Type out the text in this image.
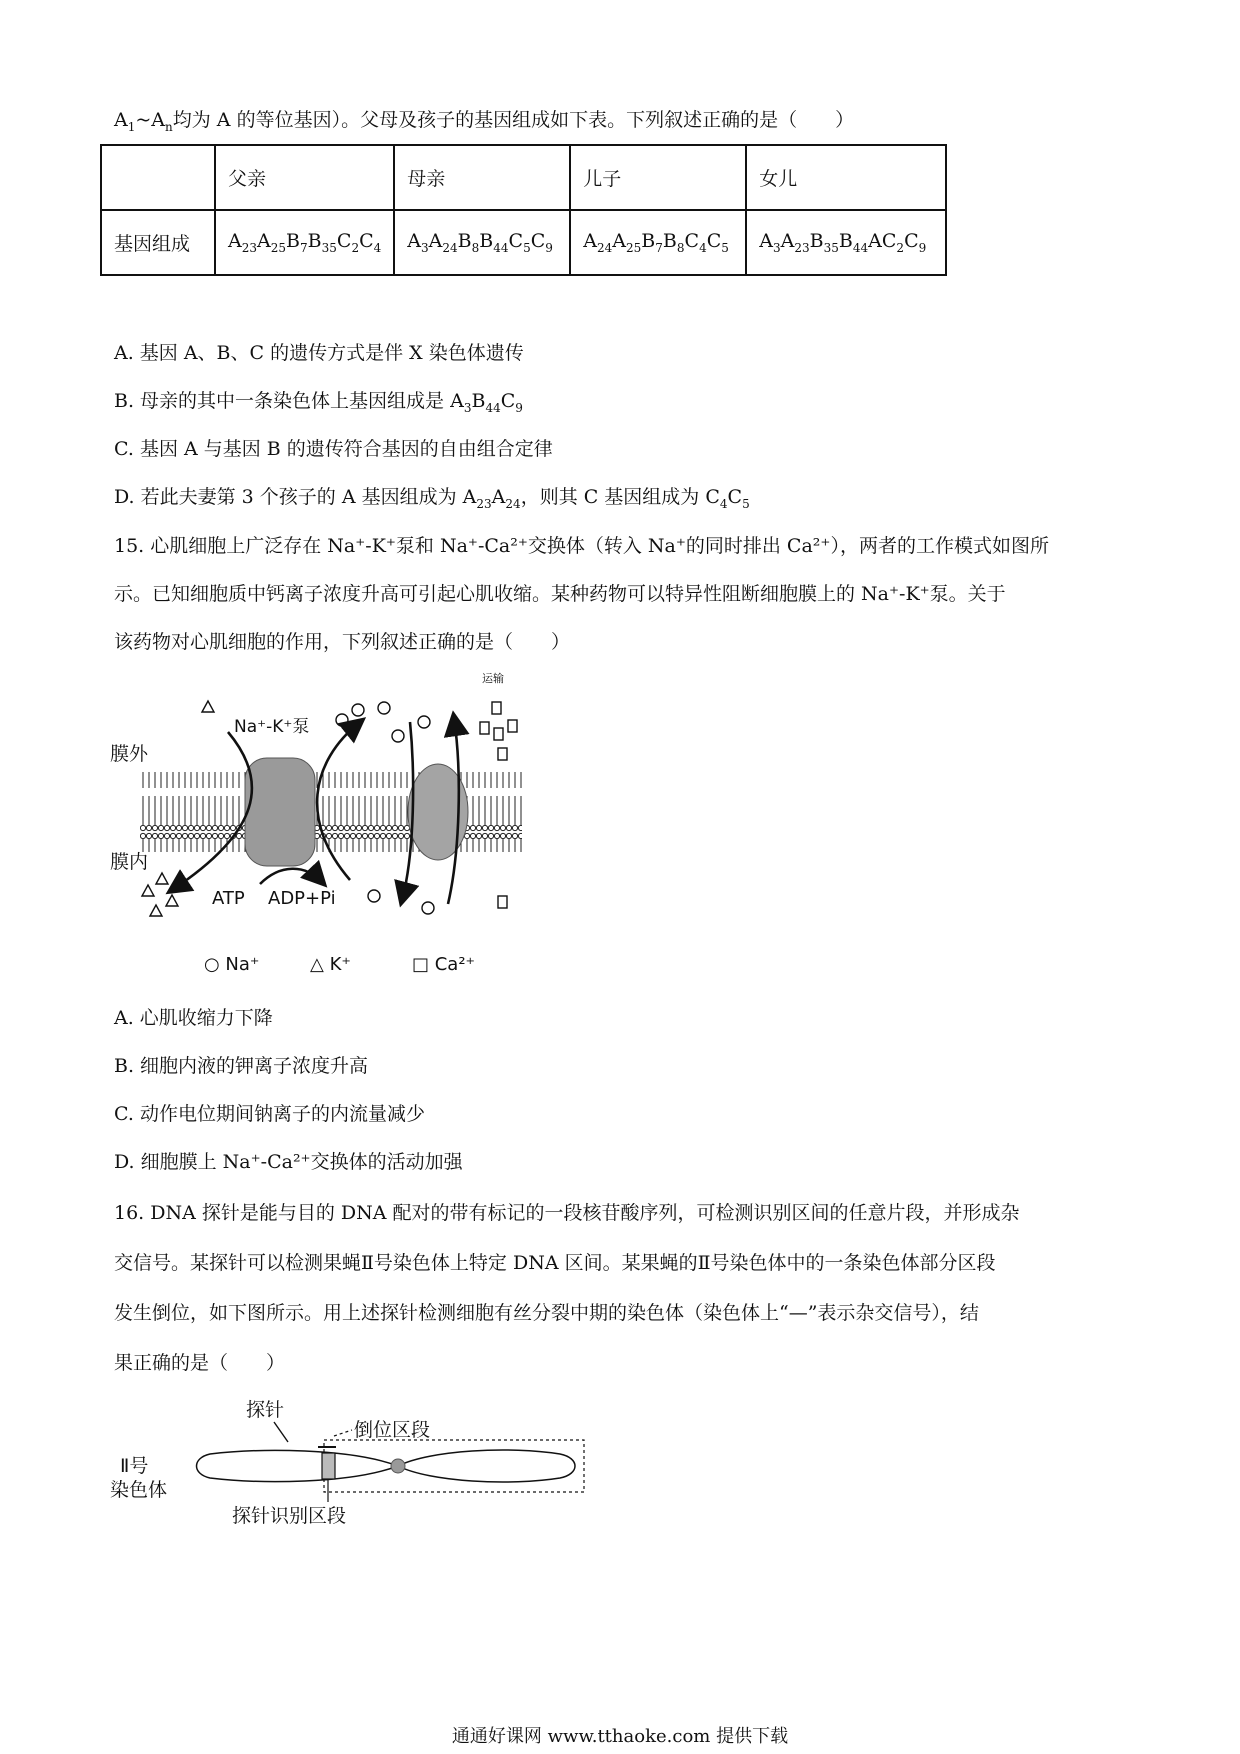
$A_1\sim A_n$均为 A 的等位基因）。父母及孩子的基因组成如下表。下列叙述正确的是（　　）
	父亲	母亲	儿子	女儿
基因组成	$A_{23}A_{25}B_7B_{35}C_2C_4$	$A_3A_{24}B_8B_{44}C_5C_9$	$A_{24}A_{25}B_7B_8C_4C_5$	$A_3A_{23}B_{35}B_{44}AC_2C_9$
A. 基因 A、B、C 的遗传方式是伴 X 染色体遗传
B. 母亲的其中一条染色体上基因组成是 $A_3B_{44}C_9$
C. 基因 A 与基因 B 的遗传符合基因的自由组合定律
D. 若此夫妻第 3 个孩子的 A 基因组成为 $A_{23}A_{24}$，则其 C 基因组成为 $C_4C_5$
15. 心肌细胞上广泛存在 Na⁺-K⁺泵和 Na⁺-Ca²⁺交换体（转入 Na⁺的同时排出 Ca²⁺），两者的工作模式如图所
示。已知细胞质中钙离子浓度升高可引起心肌收缩。某种药物可以特异性阻断细胞膜上的 Na⁺-K⁺泵。关于
该药物对心肌细胞的作用，下列叙述正确的是（　　）
膜外
膜内
Na⁺-K⁺泵
运输
ATP ADP+Pi
○ Na⁺	△ K⁺	□ Ca²⁺
A. 心肌收缩力下降
B. 细胞内液的钾离子浓度升高
C. 动作电位期间钠离子的内流量减少
D. 细胞膜上 Na⁺-Ca²⁺交换体的活动加强
16. DNA 探针是能与目的 DNA 配对的带有标记的一段核苷酸序列，可检测识别区间的任意片段，并形成杂
交信号。某探针可以检测果蝇Ⅱ号染色体上特定 DNA 区间。某果蝇的Ⅱ号染色体中的一条染色体部分区段
发生倒位，如下图所示。用上述探针检测细胞有丝分裂中期的染色体（染色体上“—”表示杂交信号），结
果正确的是（　　）
探针
倒位区段
Ⅱ号
染色体
探针识别区段
通通好课网 www.tthaoke.com 提供下载
